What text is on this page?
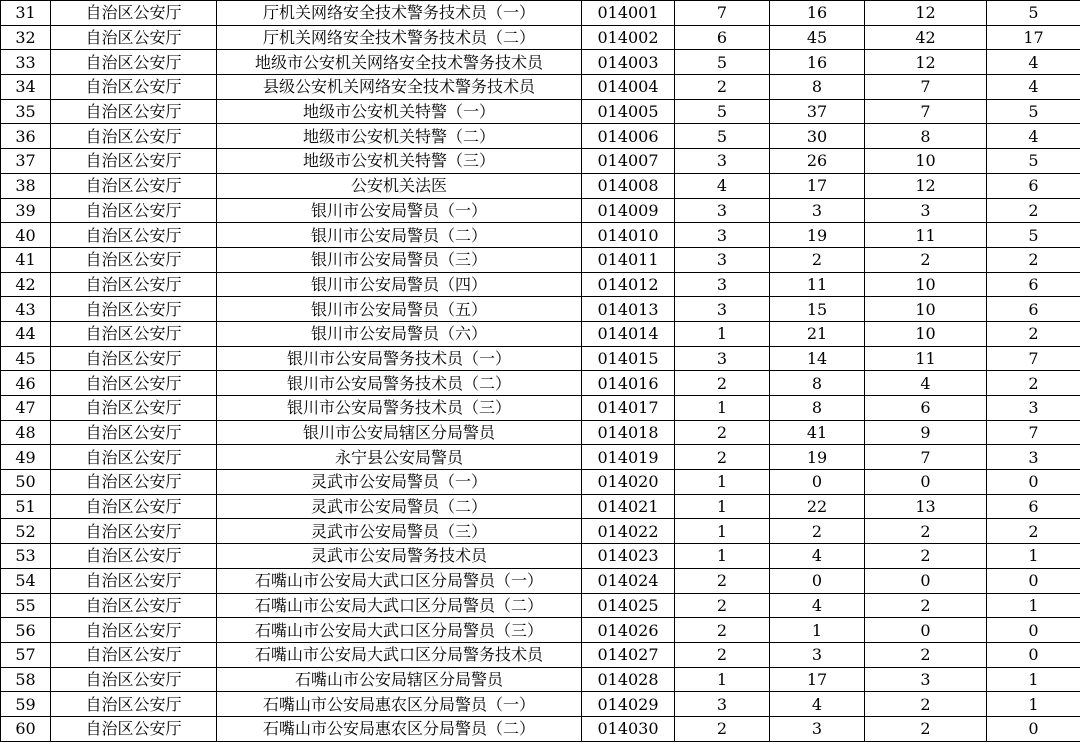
31	自治区公安厅	厅机关网络安全技术警务技术员（一）	014001	7	16	12	5
32	自治区公安厅	厅机关网络安全技术警务技术员（二）	014002	6	45	42	17
33	自治区公安厅	地级市公安机关网络安全技术警务技术员	014003	5	16	12	4
34	自治区公安厅	县级公安机关网络安全技术警务技术员	014004	2	8	7	4
35	自治区公安厅	地级市公安机关特警（一）	014005	5	37	7	5
36	自治区公安厅	地级市公安机关特警（二）	014006	5	30	8	4
37	自治区公安厅	地级市公安机关特警（三）	014007	3	26	10	5
38	自治区公安厅	公安机关法医	014008	4	17	12	6
39	自治区公安厅	银川市公安局警员（一）	014009	3	3	3	2
40	自治区公安厅	银川市公安局警员（二）	014010	3	19	11	5
41	自治区公安厅	银川市公安局警员（三）	014011	3	2	2	2
42	自治区公安厅	银川市公安局警员（四）	014012	3	11	10	6
43	自治区公安厅	银川市公安局警员（五）	014013	3	15	10	6
44	自治区公安厅	银川市公安局警员（六）	014014	1	21	10	2
45	自治区公安厅	银川市公安局警务技术员（一）	014015	3	14	11	7
46	自治区公安厅	银川市公安局警务技术员（二）	014016	2	8	4	2
47	自治区公安厅	银川市公安局警务技术员（三）	014017	1	8	6	3
48	自治区公安厅	银川市公安局辖区分局警员	014018	2	41	9	7
49	自治区公安厅	永宁县公安局警员	014019	2	19	7	3
50	自治区公安厅	灵武市公安局警员（一）	014020	1	0	0	0
51	自治区公安厅	灵武市公安局警员（二）	014021	1	22	13	6
52	自治区公安厅	灵武市公安局警员（三）	014022	1	2	2	2
53	自治区公安厅	灵武市公安局警务技术员	014023	1	4	2	1
54	自治区公安厅	石嘴山市公安局大武口区分局警员（一）	014024	2	0	0	0
55	自治区公安厅	石嘴山市公安局大武口区分局警员（二）	014025	2	4	2	1
56	自治区公安厅	石嘴山市公安局大武口区分局警员（三）	014026	2	1	0	0
57	自治区公安厅	石嘴山市公安局大武口区分局警务技术员	014027	2	3	2	0
58	自治区公安厅	石嘴山市公安局辖区分局警员	014028	1	17	3	1
59	自治区公安厅	石嘴山市公安局惠农区分局警员（一）	014029	3	4	2	1
60	自治区公安厅	石嘴山市公安局惠农区分局警员（二）	014030	2	3	2	0
